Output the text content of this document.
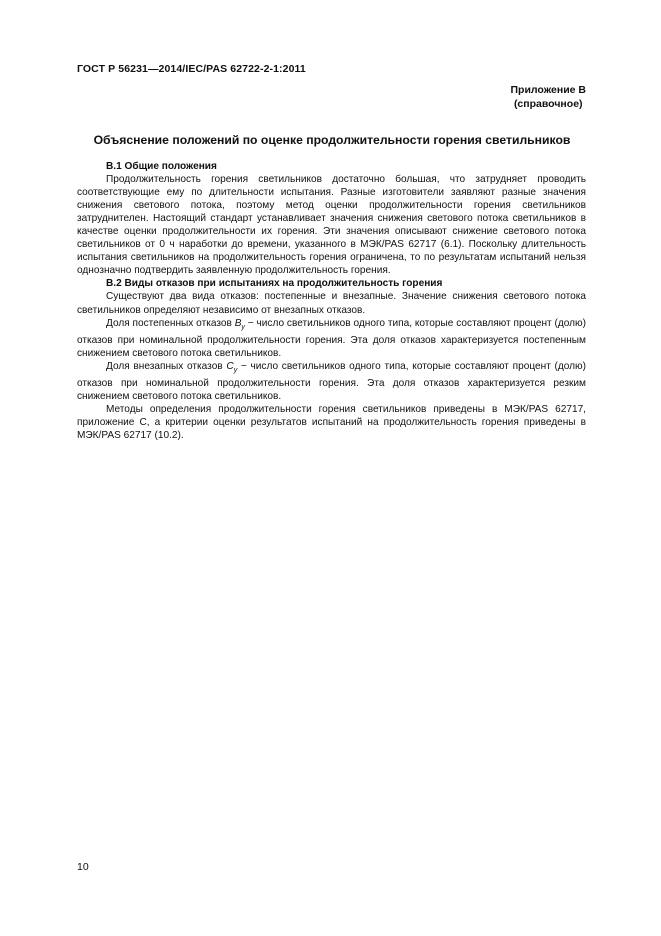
ГОСТ Р 56231—2014/IEC/PAS 62722-2-1:2011
Приложение В
(справочное)
Объяснение положений по оценке продолжительности горения светильников
В.1 Общие положения

Продолжительность горения светильников достаточно большая, что затрудняет проводить соответствующие ему по длительности испытания. Разные изготовители заявляют разные значения снижения светового потока, поэтому метод оценки продолжительности горения светильников затруднителен. Настоящий стандарт устанавливает значения снижения светового потока светильников в качестве оценки продолжительности их горения. Эти значения описывают снижение светового потока светильников от 0 ч наработки до времени, указанного в МЭК/PAS 62717 (6.1). Поскольку длительность испытания светильников на продолжительность горения ограничена, то по результатам испытаний нельзя однозначно подтвердить заявленную продолжительность горения.

В.2 Виды отказов при испытаниях на продолжительность горения

Существуют два вида отказов: постепенные и внезапные. Значение снижения светового потока светильников определяют независимо от внезапных отказов.

Доля постепенных отказов $B_y$ − число светильников одного типа, которые составляют процент (долю) отказов при номинальной продолжительности горения. Эта доля отказов характеризуется постепенным снижением светового потока светильников.

Доля внезапных отказов $C_y$ − число светильников одного типа, которые составляют процент (долю) отказов при номинальной продолжительности горения. Эта доля отказов характеризуется резким снижением светового потока светильников.

Методы определения продолжительности горения светильников приведены в МЭК/PAS 62717, приложение С, а критерии оценки результатов испытаний на продолжительность горения приведены в МЭК/PAS 62717 (10.2).

10
